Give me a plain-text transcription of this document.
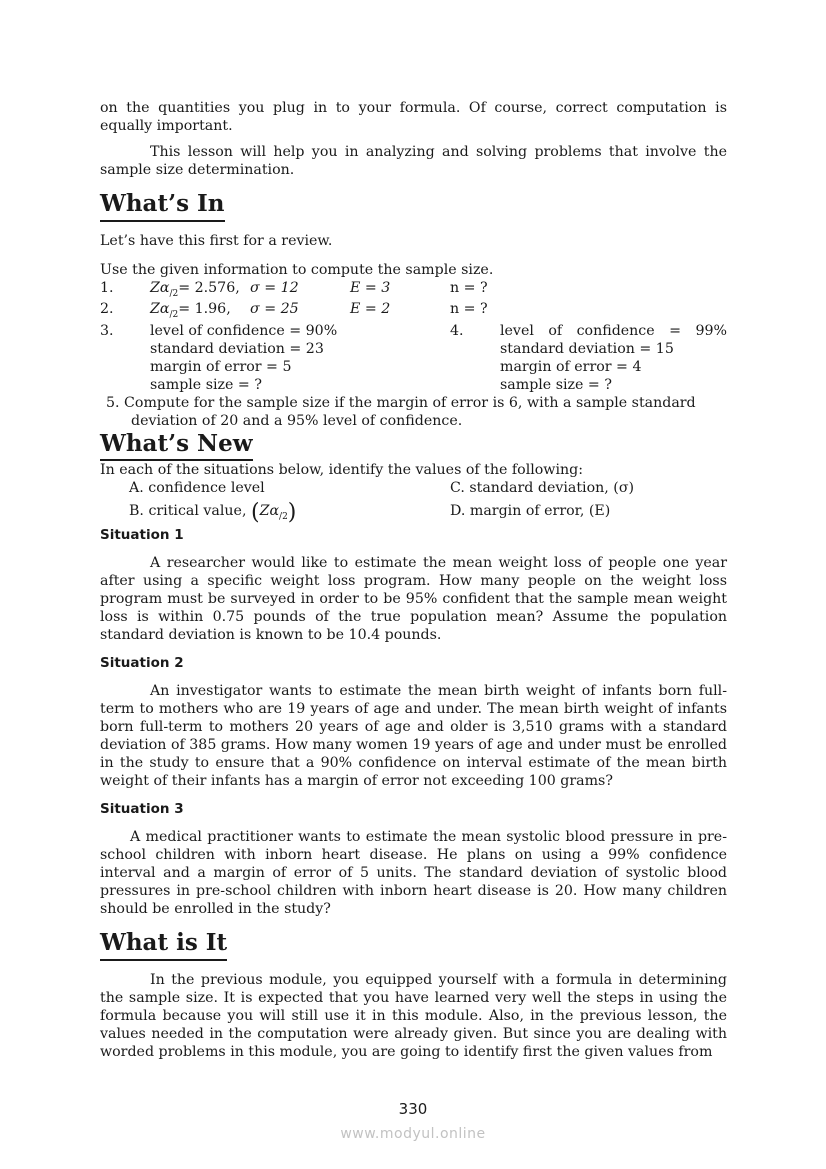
on the quantities you plug in to your formula. Of course, correct computation is equally important.

This lesson will help you in analyzing and solving problems that involve the sample size determination.

What’s In

Let’s have this first for a review.

Use the given information to compute the sample size.

1.	$Z\alpha_{/2}= 2.576$, σ = 12	E = 3	n = ?
2.	$Z\alpha_{/2}= 1.96$, σ = 25	E = 2	n = ?
3.	level of confidence = 90%
standard deviation = 23
margin of error = 5
sample size = ?
4.	level of confidence = 99%
standard deviation = 15
margin of error = 4
sample size = ?

5. Compute for the sample size if the margin of error is 6, with a sample standard

deviation of 20 and a 95% level of confidence.

What’s New

In each of the situations below, identify the values of the following:

A. confidence level	C. standard deviation, (σ)
B. critical value, $(Z\alpha_{/2})$	D. margin of error, (E)

Situation 1

A researcher would like to estimate the mean weight loss of people one year after using a specific weight loss program. How many people on the weight loss program must be surveyed in order to be 95% confident that the sample mean weight loss is within 0.75 pounds of the true population mean? Assume the population standard deviation is known to be 10.4 pounds.

Situation 2

An investigator wants to estimate the mean birth weight of infants born full-term to mothers who are 19 years of age and under. The mean birth weight of infants born full-term to mothers 20 years of age and older is 3,510 grams with a standard deviation of 385 grams. How many women 19 years of age and under must be enrolled in the study to ensure that a 90% confidence on interval estimate of the mean birth weight of their infants has a margin of error not exceeding 100 grams?

Situation 3

A medical practitioner wants to estimate the mean systolic blood pressure in pre-school children with inborn heart disease. He plans on using a 99% confidence interval and a margin of error of 5 units. The standard deviation of systolic blood pressures in pre-school children with inborn heart disease is 20. How many children should be enrolled in the study?

What is It

In the previous module, you equipped yourself with a formula in determining the sample size. It is expected that you have learned very well the steps in using the formula because you will still use it in this module. Also, in the previous lesson, the values needed in the computation were already given. But since you are dealing with worded problems in this module, you are going to identify first the given values from

330
www.modyul.online
